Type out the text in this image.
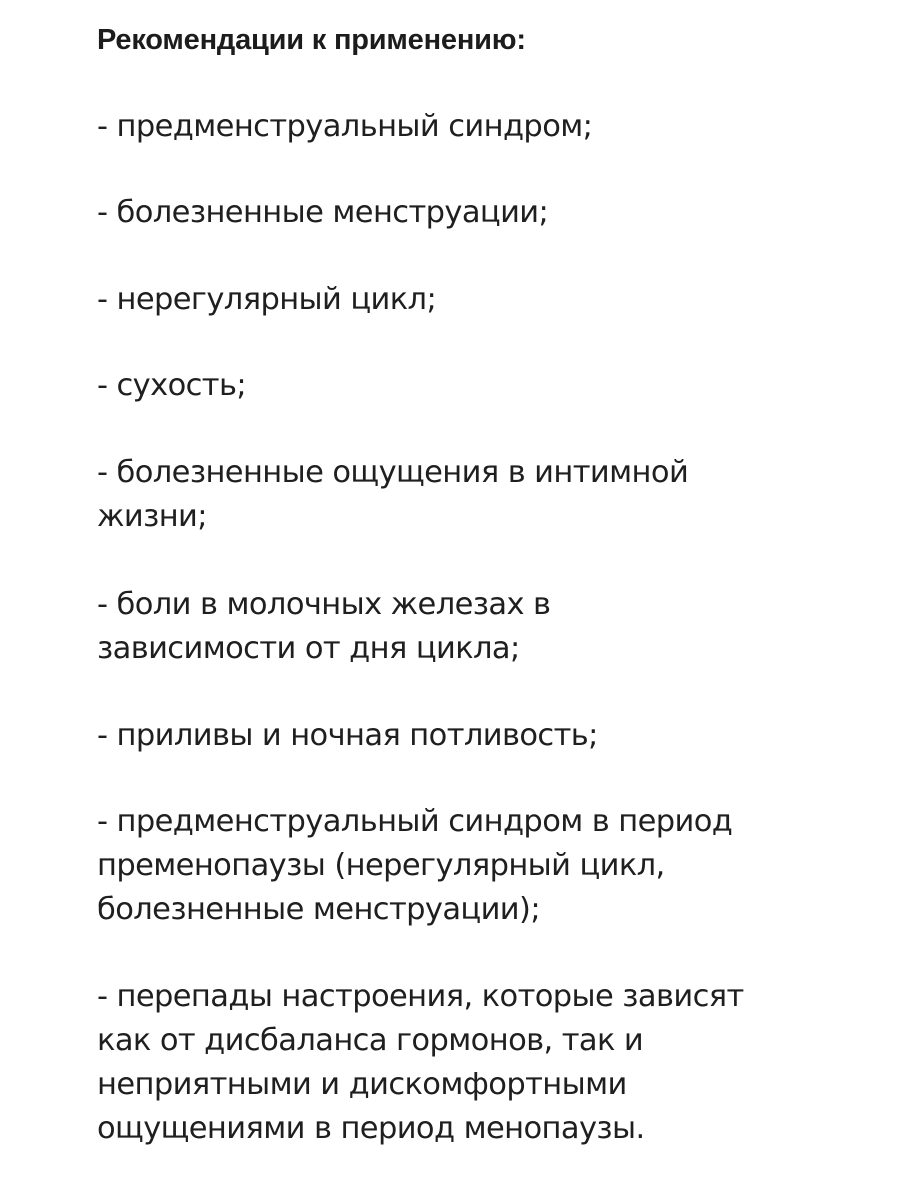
Рекомендации к применению:

- предменструальный синдром;

- болезненные менструации;

- нерегулярный цикл;

- сухость;

- болезненные ощущения в интимной
жизни;

- боли в молочных железах в
зависимости от дня цикла;

- приливы и ночная потливость;

- предменструальный синдром в период
пременопаузы (нерегулярный цикл,
болезненные менструации);

- перепады настроения, которые зависят
как от дисбаланса гормонов, так и
неприятными и дискомфортными
ощущениями в период менопаузы.
